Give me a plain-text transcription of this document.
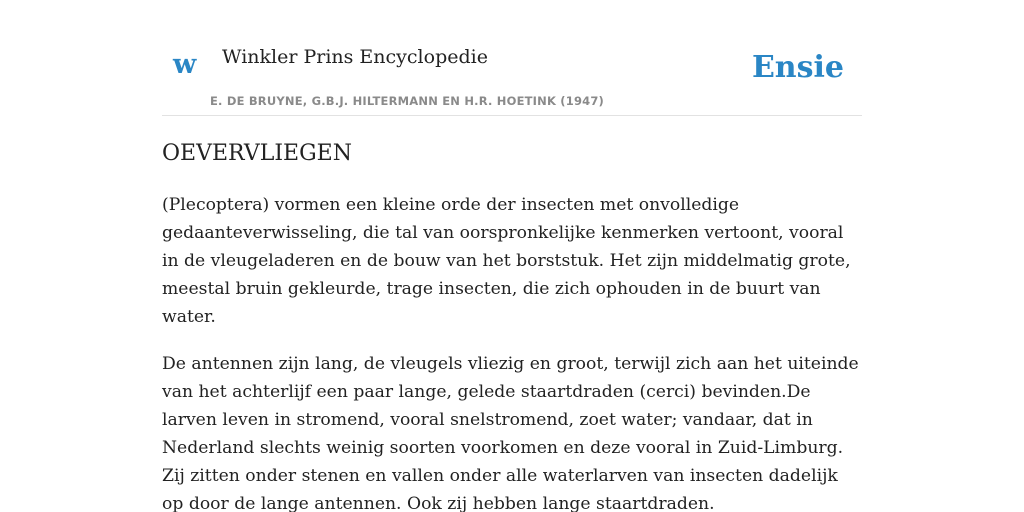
w Winkler Prins Encyclopedie
E. DE BRUYNE, G.B.J. HILTERMANN EN H.R. HOETINK (1947)
Ensie
OEVERVLIEGEN

(Plecoptera) vormen een kleine orde der insecten met onvolledige gedaanteverwisseling, die tal van oorspronkelijke kenmerken vertoont, vooral in de vleugeladeren en de bouw van het borststuk. Het zijn middelmatig grote, meestal bruin gekleurde, trage insecten, die zich ophouden in de buurt van water.

De antennen zijn lang, de vleugels vliezig en groot, terwijl zich aan het uiteinde van het achterlijf een paar lange, gelede staartdraden (cerci) bevinden.De larven leven in stromend, vooral snelstromend, zoet water; vandaar, dat in Nederland slechts weinig soorten voorkomen en deze vooral in Zuid-Limburg. Zij zitten onder stenen en vallen onder alle waterlarven van insecten dadelijk op door de lange antennen. Ook zij hebben lange staartdraden.
